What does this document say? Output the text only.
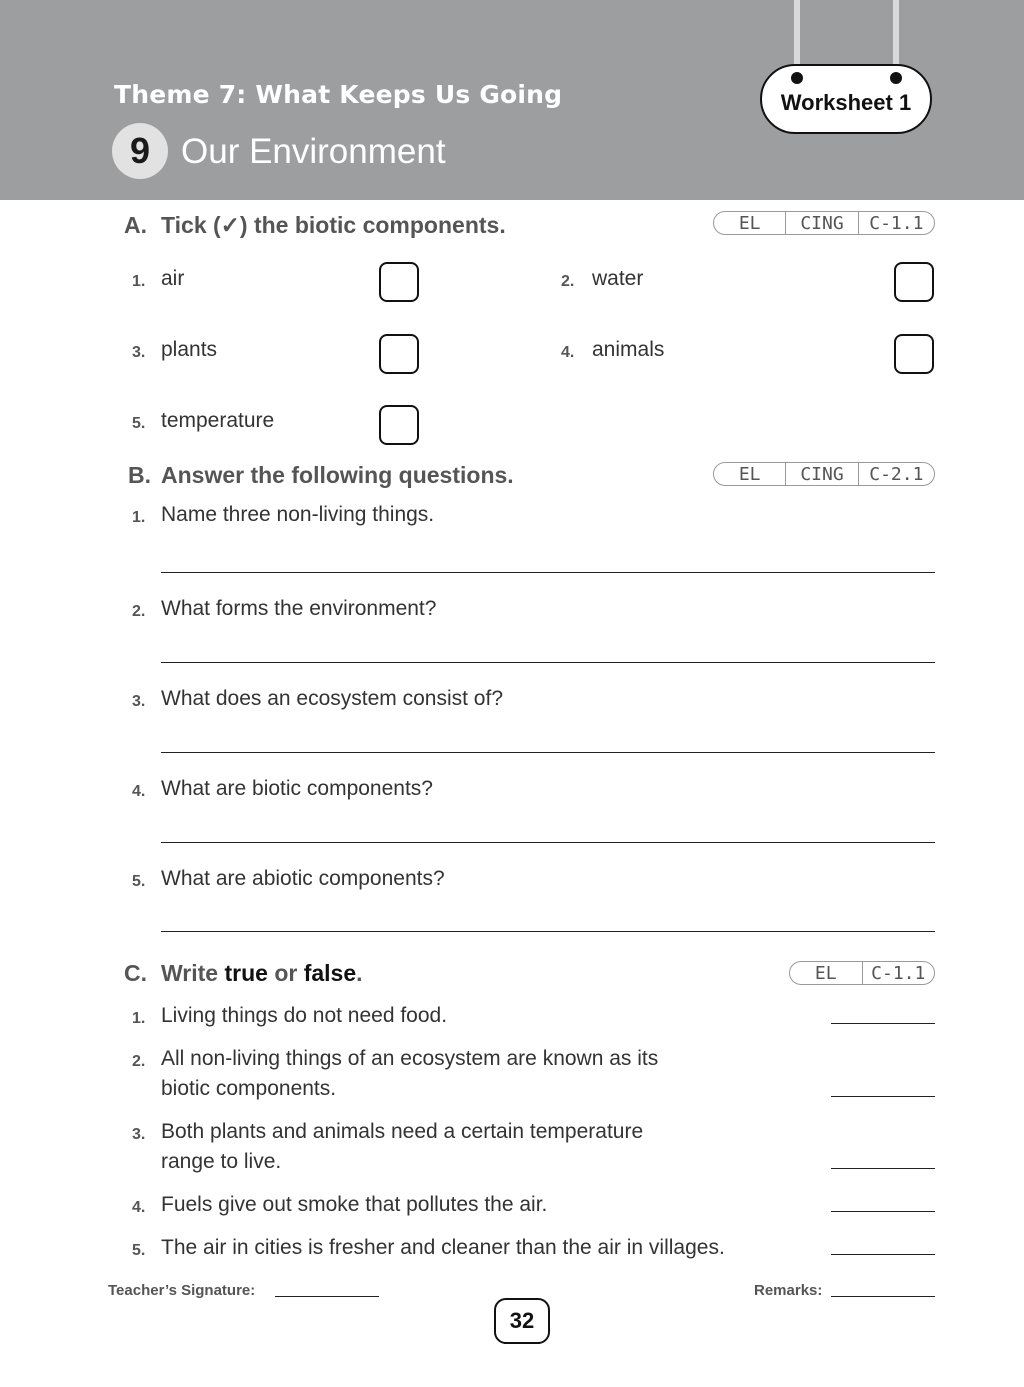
Theme 7: What Keeps Us Going
9 Our Environment
Worksheet 1
A. Tick (✓) the biotic components.	EL	CING	C-1.1
1. air	2. water
3. plants	4. animals
5. temperature
B. Answer the following questions.	EL	CING	C-2.1
1. Name three non-living things.
2. What forms the environment?
3. What does an ecosystem consist of?
4. What are biotic components?
5. What are abiotic components?
C. Write true or false.	EL	C-1.1
1. Living things do not need food.
2. All non-living things of an ecosystem are known as its
biotic components.
3. Both plants and animals need a certain temperature
range to live.
4. Fuels give out smoke that pollutes the air.
5. The air in cities is fresher and cleaner than the air in villages.
Teacher’s Signature:	Remarks:
32
